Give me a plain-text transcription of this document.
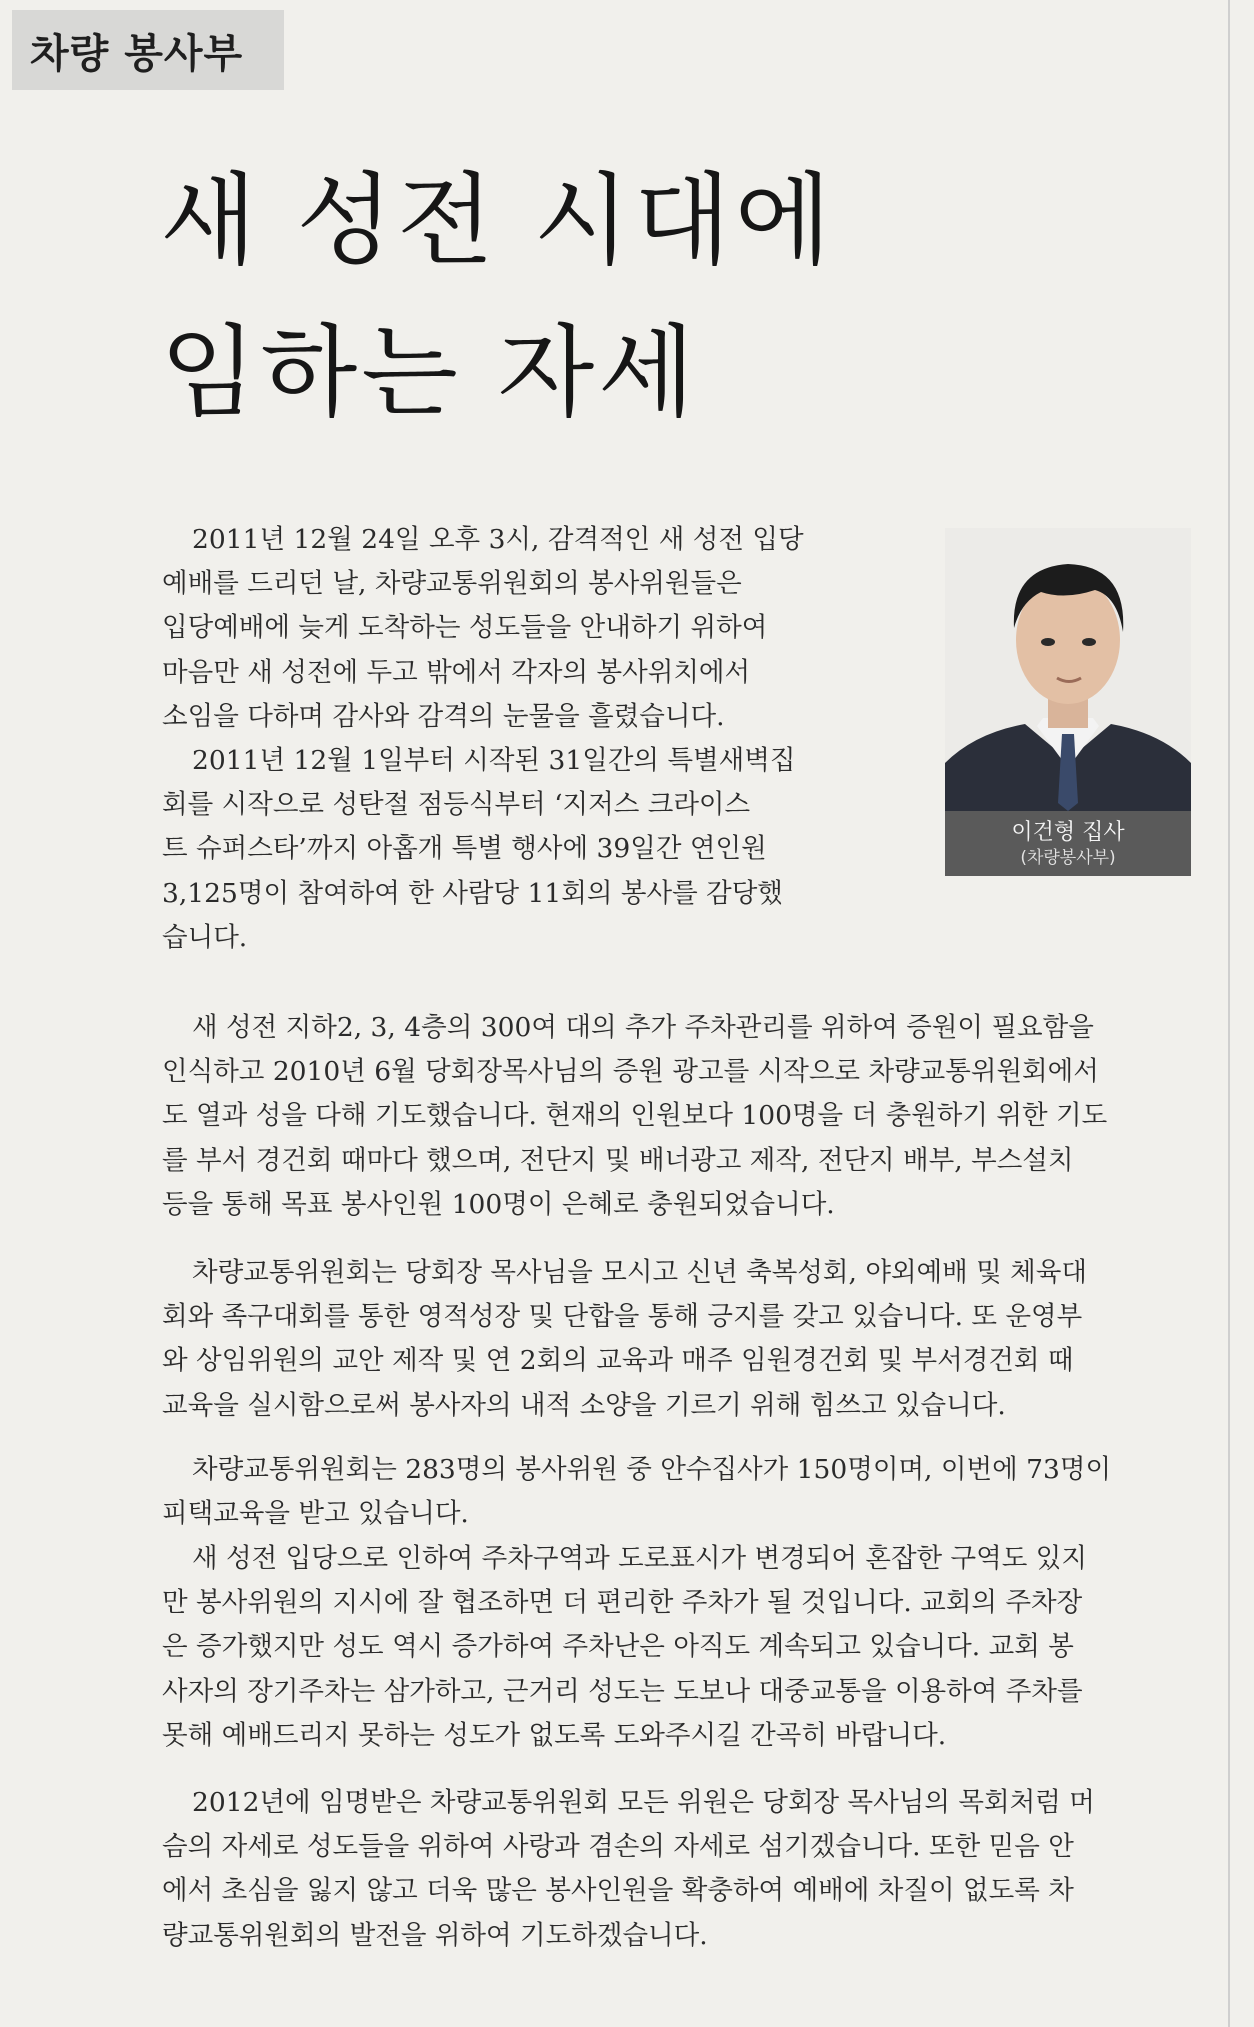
차량 봉사부
새 성전 시대에
임하는 자세
이건형 집사
(차량봉사부)

2011년 12월 24일 오후 3시, 감격적인 새 성전 입당
예배를 드리던 날, 차량교통위원회의 봉사위원들은
입당예배에 늦게 도착하는 성도들을 안내하기 위하여
마음만 새 성전에 두고 밖에서 각자의 봉사위치에서
소임을 다하며 감사와 감격의 눈물을 흘렸습니다.

2011년 12월 1일부터 시작된 31일간의 특별새벽집
회를 시작으로 성탄절 점등식부터 ‘지저스 크라이스
트 슈퍼스타’까지 아홉개 특별 행사에 39일간 연인원
3,125명이 참여하여 한 사람당 11회의 봉사를 감당했
습니다.

새 성전 지하2, 3, 4층의 300여 대의 추가 주차관리를 위하여 증원이 필요함을
인식하고 2010년 6월 당회장목사님의 증원 광고를 시작으로 차량교통위원회에서
도 열과 성을 다해 기도했습니다. 현재의 인원보다 100명을 더 충원하기 위한 기도
를 부서 경건회 때마다 했으며, 전단지 및 배너광고 제작, 전단지 배부, 부스설치
등을 통해 목표 봉사인원 100명이 은혜로 충원되었습니다.

차량교통위원회는 당회장 목사님을 모시고 신년 축복성회, 야외예배 및 체육대
회와 족구대회를 통한 영적성장 및 단합을 통해 긍지를 갖고 있습니다. 또 운영부
와 상임위원의 교안 제작 및 연 2회의 교육과 매주 임원경건회 및 부서경건회 때
교육을 실시함으로써 봉사자의 내적 소양을 기르기 위해 힘쓰고 있습니다.

차량교통위원회는 283명의 봉사위원 중 안수집사가 150명이며, 이번에 73명이
피택교육을 받고 있습니다.

새 성전 입당으로 인하여 주차구역과 도로표시가 변경되어 혼잡한 구역도 있지
만 봉사위원의 지시에 잘 협조하면 더 편리한 주차가 될 것입니다. 교회의 주차장
은 증가했지만 성도 역시 증가하여 주차난은 아직도 계속되고 있습니다. 교회 봉
사자의 장기주차는 삼가하고, 근거리 성도는 도보나 대중교통을 이용하여 주차를
못해 예배드리지 못하는 성도가 없도록 도와주시길 간곡히 바랍니다.

2012년에 임명받은 차량교통위원회 모든 위원은 당회장 목사님의 목회처럼 머
슴의 자세로 성도들을 위하여 사랑과 겸손의 자세로 섬기겠습니다. 또한 믿음 안
에서 초심을 잃지 않고 더욱 많은 봉사인원을 확충하여 예배에 차질이 없도록 차
량교통위원회의 발전을 위하여 기도하겠습니다.
